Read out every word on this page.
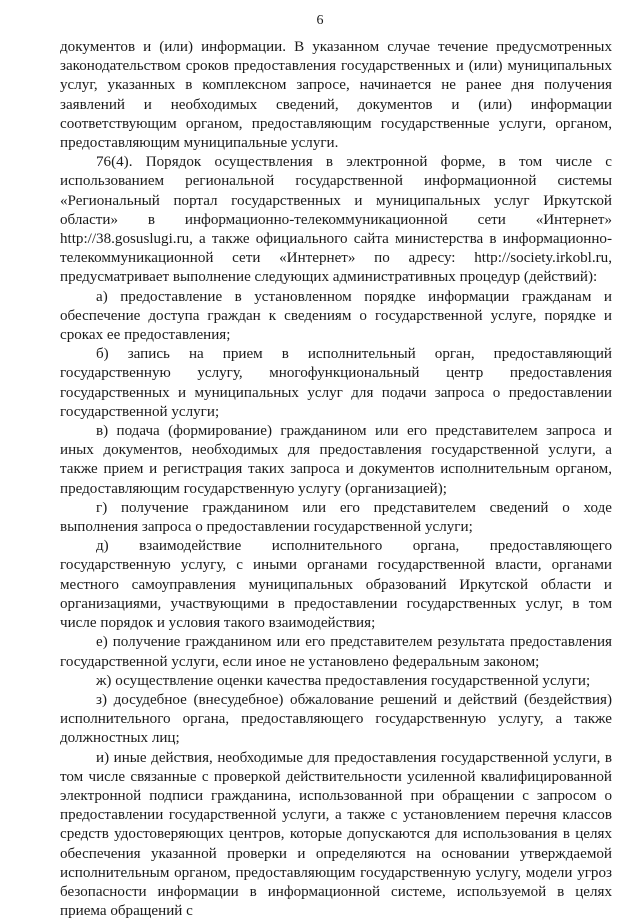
6

документов и (или) информации. В указанном случае течение предусмотренных законодательством сроков предоставления государственных и (или) муниципальных услуг, указанных в комплексном запросе, начинается не ранее дня получения заявлений и необходимых сведений, документов и (или) информации соответствующим органом, предоставляющим государственные услуги, органом, предоставляющим муниципальные услуги.

76(4). Порядок осуществления в электронной форме, в том числе с использованием региональной государственной информационной системы «Региональный портал государственных и муниципальных услуг Иркутской области» в информационно-телекоммуникационной сети «Интернет» http://38.gosuslugi.ru, а также официального сайта министерства в информационно-телекоммуникационной сети «Интернет» по адресу: http://society.irkobl.ru, предусматривает выполнение следующих административных процедур (действий):

а) предоставление в установленном порядке информации гражданам и обеспечение доступа граждан к сведениям о государственной услуге, порядке и сроках ее предоставления;

б) запись на прием в исполнительный орган, предоставляющий государственную услугу, многофункциональный центр предоставления государственных и муниципальных услуг для подачи запроса о предоставлении государственной услуги;

в) подача (формирование) гражданином или его представителем запроса и иных документов, необходимых для предоставления государственной услуги, а также прием и регистрация таких запроса и документов исполнительным органом, предоставляющим государственную услугу (организацией);

г) получение гражданином или его представителем сведений о ходе выполнения запроса о предоставлении государственной услуги;

д) взаимодействие исполнительного органа, предоставляющего государственную услугу, с иными органами государственной власти, органами местного самоуправления муниципальных образований Иркутской области и организациями, участвующими в предоставлении государственных услуг, в том числе порядок и условия такого взаимодействия;

е) получение гражданином или его представителем результата предоставления государственной услуги, если иное не установлено федеральным законом;

ж) осуществление оценки качества предоставления государственной услуги;

з) досудебное (внесудебное) обжалование решений и действий (бездействия) исполнительного органа, предоставляющего государственную услугу, а также должностных лиц;

и) иные действия, необходимые для предоставления государственной услуги, в том числе связанные с проверкой действительности усиленной квалифицированной электронной подписи гражданина, использованной при обращении с запросом о предоставлении государственной услуги, а также с установлением перечня классов средств удостоверяющих центров, которые допускаются для использования в целях обеспечения указанной проверки и определяются на основании утверждаемой исполнительным органом, предоставляющим государственную услугу, модели угроз безопасности информации в информационной системе, используемой в целях приема обращений с
